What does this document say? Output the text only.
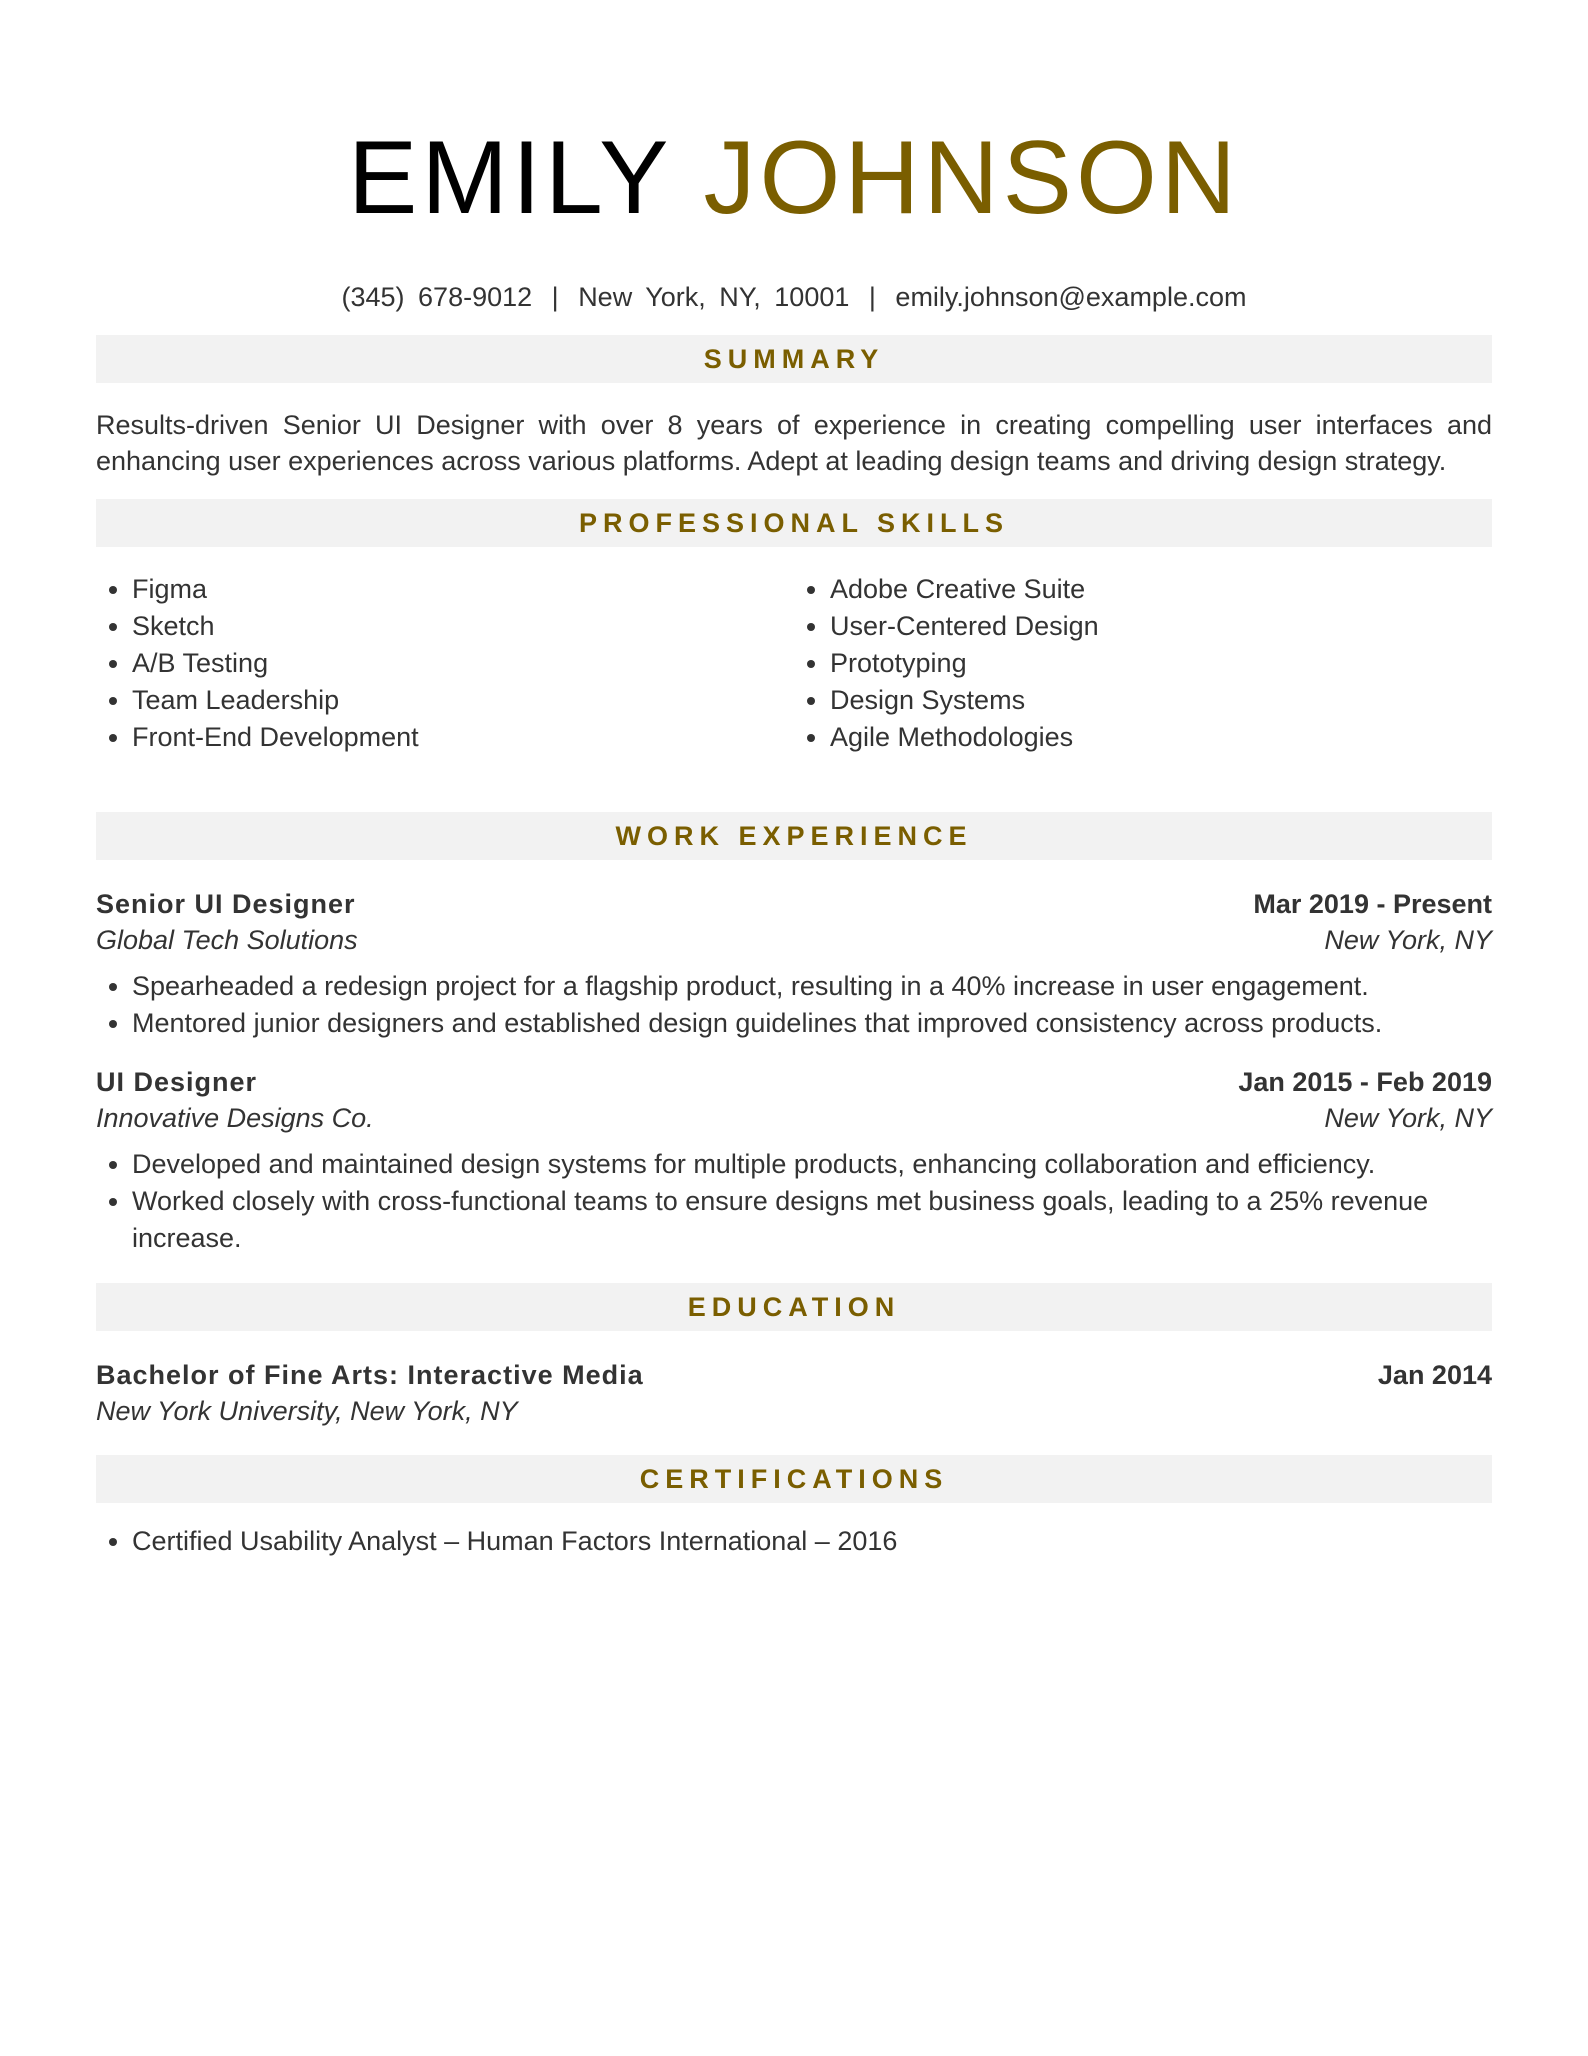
EMILY JOHNSON
(345) 678-9012 | New York, NY, 10001 | emily.johnson@example.com
SUMMARY

Results-driven Senior UI Designer with over 8 years of experience in creating compelling user interfaces and enhancing user experiences across various platforms. Adept at leading design teams and driving design strategy.

PROFESSIONAL SKILLS
• Figma
• Sketch
• A/B Testing
• Team Leadership
• Front-End Development
• Adobe Creative Suite
• User-Centered Design
• Prototyping
• Design Systems
• Agile Methodologies
WORK EXPERIENCE
Senior UI Designer	Mar 2019 - Present
Global Tech Solutions	New York, NY
• Spearheaded a redesign project for a flagship product, resulting in a 40% increase in user engagement.
• Mentored junior designers and established design guidelines that improved consistency across products.
UI Designer	Jan 2015 - Feb 2019
Innovative Designs Co.	New York, NY
• Developed and maintained design systems for multiple products, enhancing collaboration and efficiency.
• Worked closely with cross-functional teams to ensure designs met business goals, leading to a 25% revenue increase.
EDUCATION
Bachelor of Fine Arts: Interactive Media	Jan 2014
New York University, New York, NY
CERTIFICATIONS
• Certified Usability Analyst – Human Factors International – 2016
